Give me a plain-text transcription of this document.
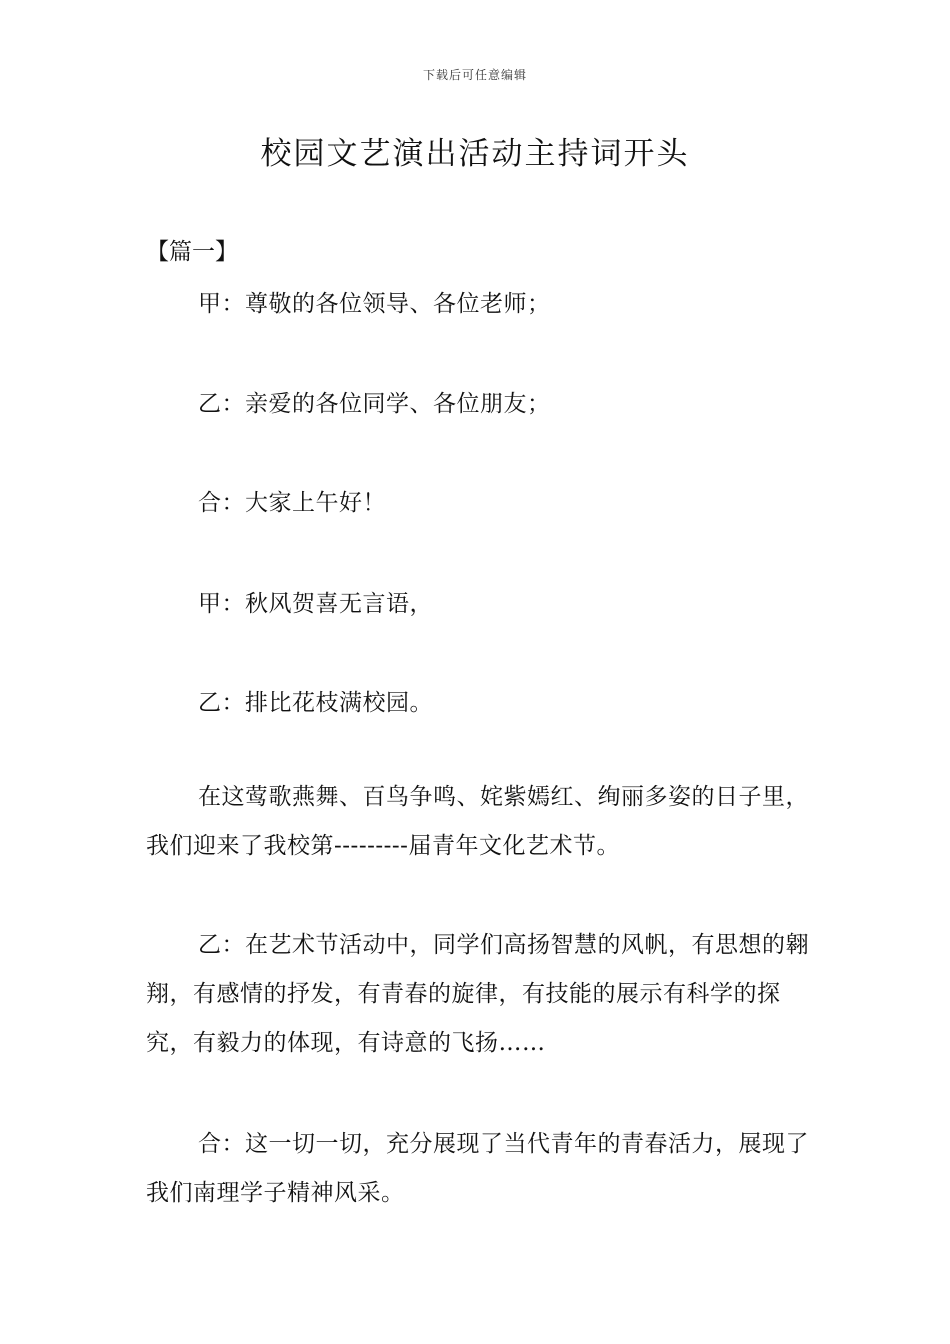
下载后可任意编辑
校园文艺演出活动主持词开头
【篇一】
甲：尊敬的各位领导、各位老师；
乙：亲爱的各位同学、各位朋友；
合：大家上午好！
甲：秋风贺喜无言语，
乙：排比花枝满校园。

在这莺歌燕舞、百鸟争鸣、姹紫嫣红、绚丽多姿的日子里，我们迎来了我校第---------届青年文化艺术节。

乙：在艺术节活动中，同学们高扬智慧的风帆，有思想的翱翔，有感情的抒发，有青春的旋律，有技能的展示有科学的探究，有毅力的体现，有诗意的飞扬……

合：这一切一切，充分展现了当代青年的青春活力，展现了我们南理学子精神风采。
